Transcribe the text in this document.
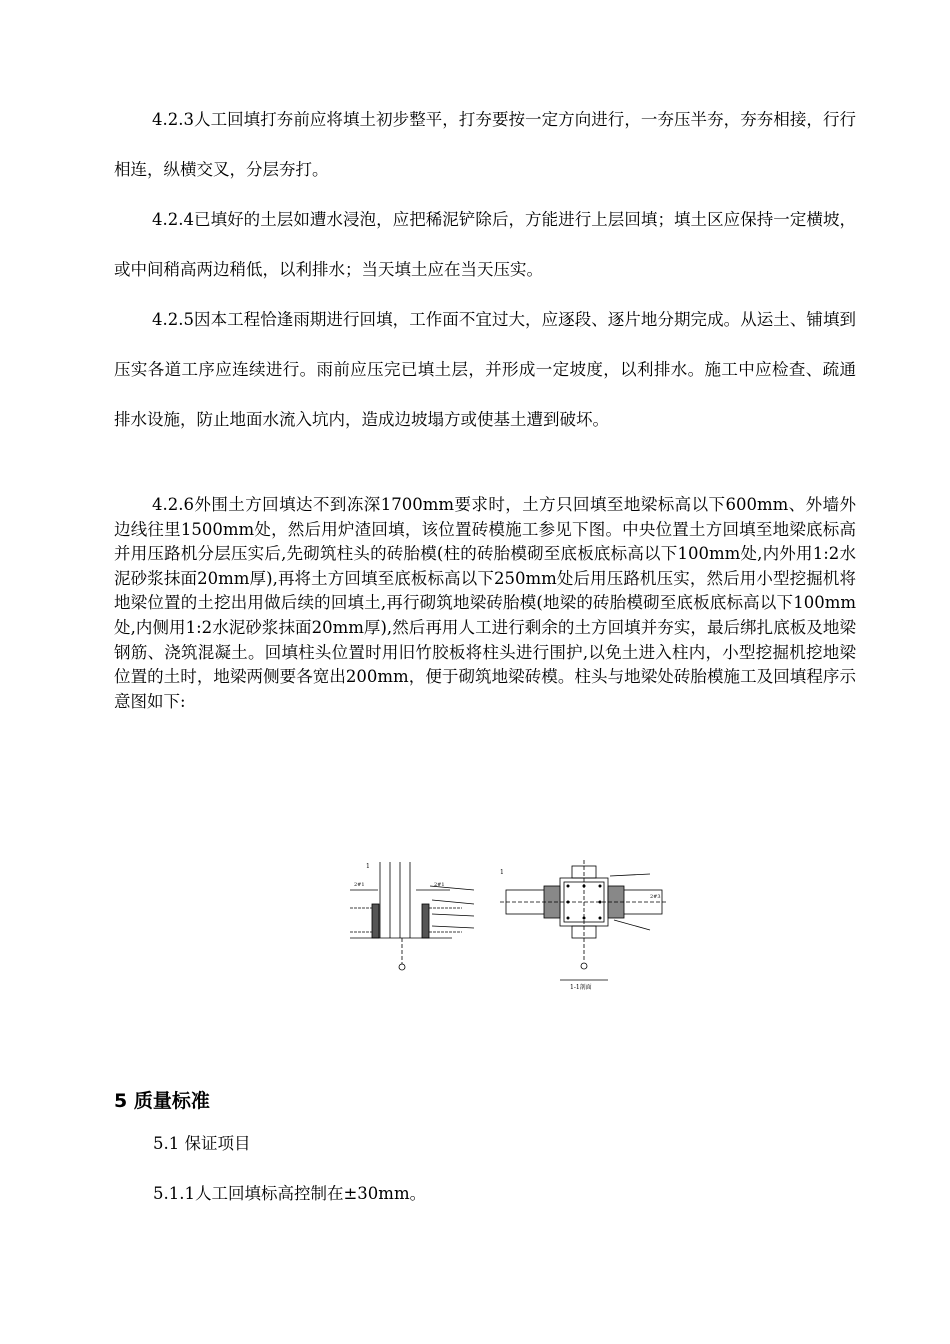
4.2.3人工回填打夯前应将填土初步整平，打夯要按一定方向进行，一夯压半夯，夯夯相接，行行相连，纵横交叉，分层夯打。

4.2.4已填好的土层如遭水浸泡，应把稀泥铲除后，方能进行上层回填；填土区应保持一定横坡，或中间稍高两边稍低，以利排水；当天填土应在当天压实。

4.2.5因本工程恰逢雨期进行回填，工作面不宜过大，应逐段、逐片地分期完成。从运土、铺填到压实各道工序应连续进行。雨前应压完已填土层，并形成一定坡度，以利排水。施工中应检查、疏通排水设施，防止地面水流入坑内，造成边坡塌方或使基土遭到破坏。

4.2.6外围土方回填达不到冻深1700mm要求时，土方只回填至地梁标高以下600mm、外墙外边线往里1500mm处，然后用炉渣回填，该位置砖模施工参见下图。中央位置土方回填至地梁底标高并用压路机分层压实后,先砌筑柱头的砖胎模(柱的砖胎模砌至底板底标高以下100mm处,内外用1:2水泥砂浆抹面20mm厚),再将土方回填至底板标高以下250mm处后用压路机压实，然后用小型挖掘机将地梁位置的土挖出用做后续的回填土,再行砌筑地梁砖胎模(地梁的砖胎模砌至底板底标高以下100mm处,内侧用1:2水泥砂浆抹面20mm厚),然后再用人工进行剩余的土方回填并夯实，最后绑扎底板及地梁钢筋、浇筑混凝土。回填柱头位置时用旧竹胶板将柱头进行围护,以免土进入柱内，小型挖掘机挖地梁位置的土时，地梁两侧要各宽出200mm，便于砌筑地梁砖模。柱头与地梁处砖胎模施工及回填程序示意图如下:

1
2#1	2#1
1
2#3
1-1剖面
5 质量标准

5.1 保证项目

5.1.1人工回填标高控制在±30mm。
